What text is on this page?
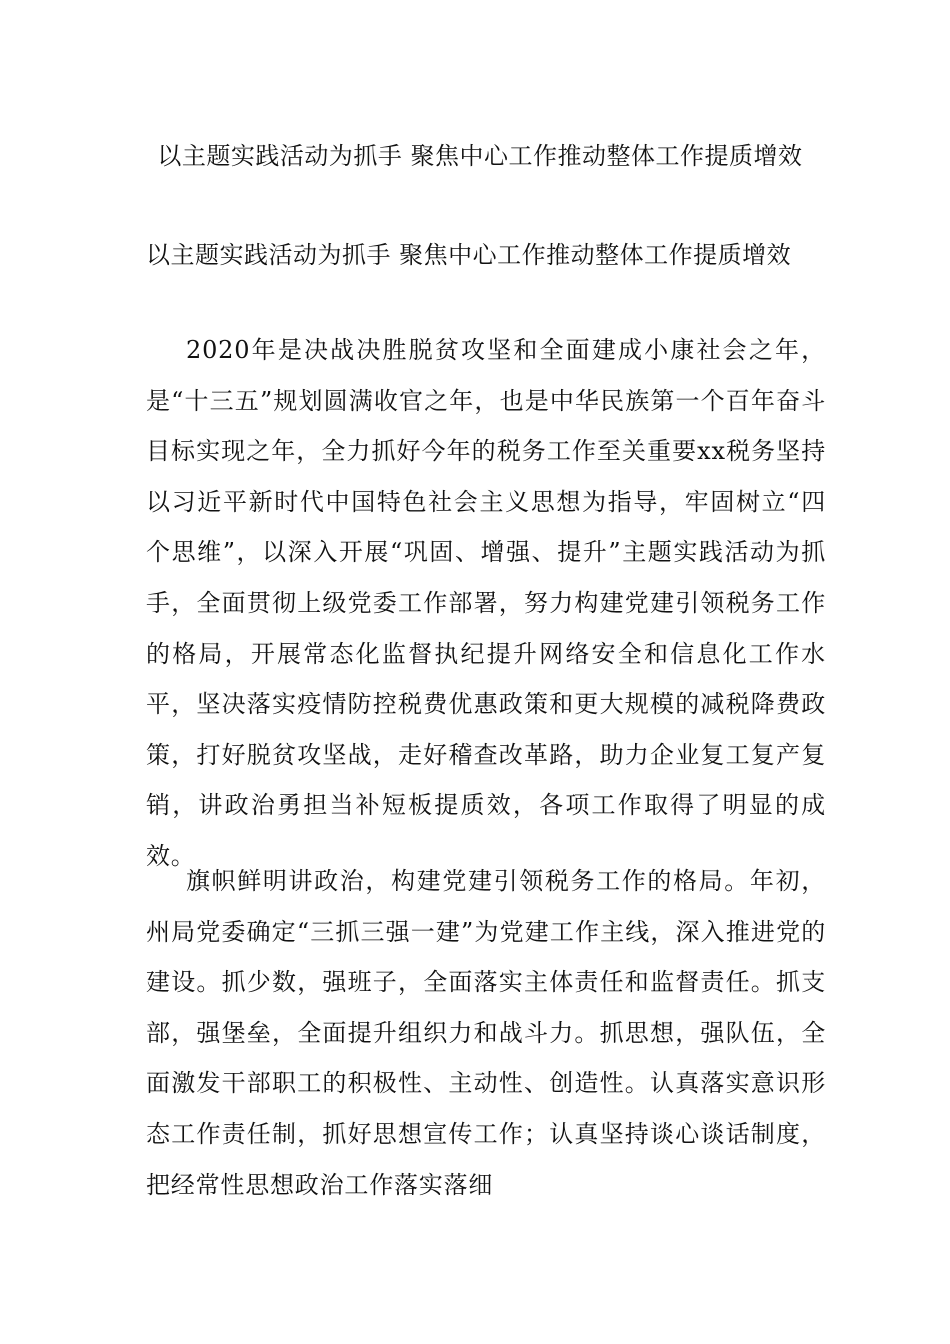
以主题实践活动为抓手 聚焦中心工作推动整体工作提质增效

以主题实践活动为抓手 聚焦中心工作推动整体工作提质增效

2020年是决战决胜脱贫攻坚和全面建成小康社会之年，是“十三五”规划圆满收官之年，也是中华民族第一个百年奋斗目标实现之年，全力抓好今年的税务工作至关重要xx税务坚持以习近平新时代中国特色社会主义思想为指导，牢固树立“四个思维”，以深入开展“巩固、增强、提升”主题实践活动为抓手，全面贯彻上级党委工作部署，努力构建党建引领税务工作的格局，开展常态化监督执纪提升网络安全和信息化工作水平，坚决落实疫情防控税费优惠政策和更大规模的减税降费政策，打好脱贫攻坚战，走好稽查改革路，助力企业复工复产复销，讲政治勇担当补短板提质效，各项工作取得了明显的成效。

旗帜鲜明讲政治，构建党建引领税务工作的格局。年初，州局党委确定“三抓三强一建”为党建工作主线，深入推进党的建设。抓少数，强班子，全面落实主体责任和监督责任。抓支部，强堡垒，全面提升组织力和战斗力。抓思想，强队伍，全面激发干部职工的积极性、主动性、创造性。认真落实意识形态工作责任制，抓好思想宣传工作；认真坚持谈心谈话制度，把经常性思想政治工作落实落细
